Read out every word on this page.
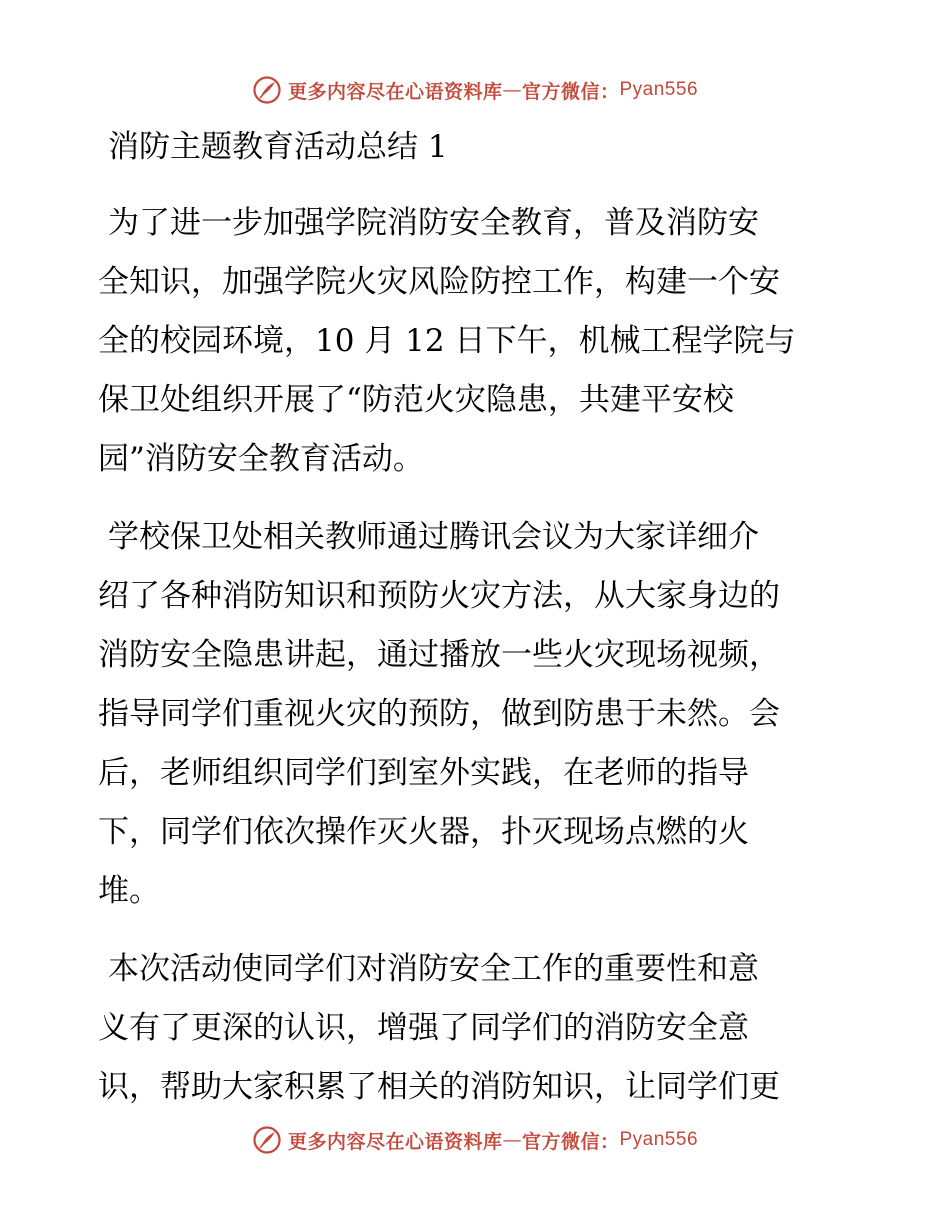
更多内容尽在心语资料库 — 官方微信： Pyan556
消防主题教育活动总结 1
为了进一步加强学院消防安全教育，普及消防安
全知识，加强学院火灾风险防控工作，构建一个安
全的校园环境，10 月 12 日下午，机械工程学院与
保卫处组织开展了“防范火灾隐患，共建平安校
园”消防安全教育活动。
学校保卫处相关教师通过腾讯会议为大家详细介
绍了各种消防知识和预防火灾方法，从大家身边的
消防安全隐患讲起，通过播放一些火灾现场视频，
指导同学们重视火灾的预防，做到防患于未然。会
后，老师组织同学们到室外实践，在老师的指导
下，同学们依次操作灭火器，扑灭现场点燃的火
堆。
本次活动使同学们对消防安全工作的重要性和意
义有了更深的认识，增强了同学们的消防安全意
识，帮助大家积累了相关的消防知识，让同学们更
更多内容尽在心语资料库 — 官方微信： Pyan556
